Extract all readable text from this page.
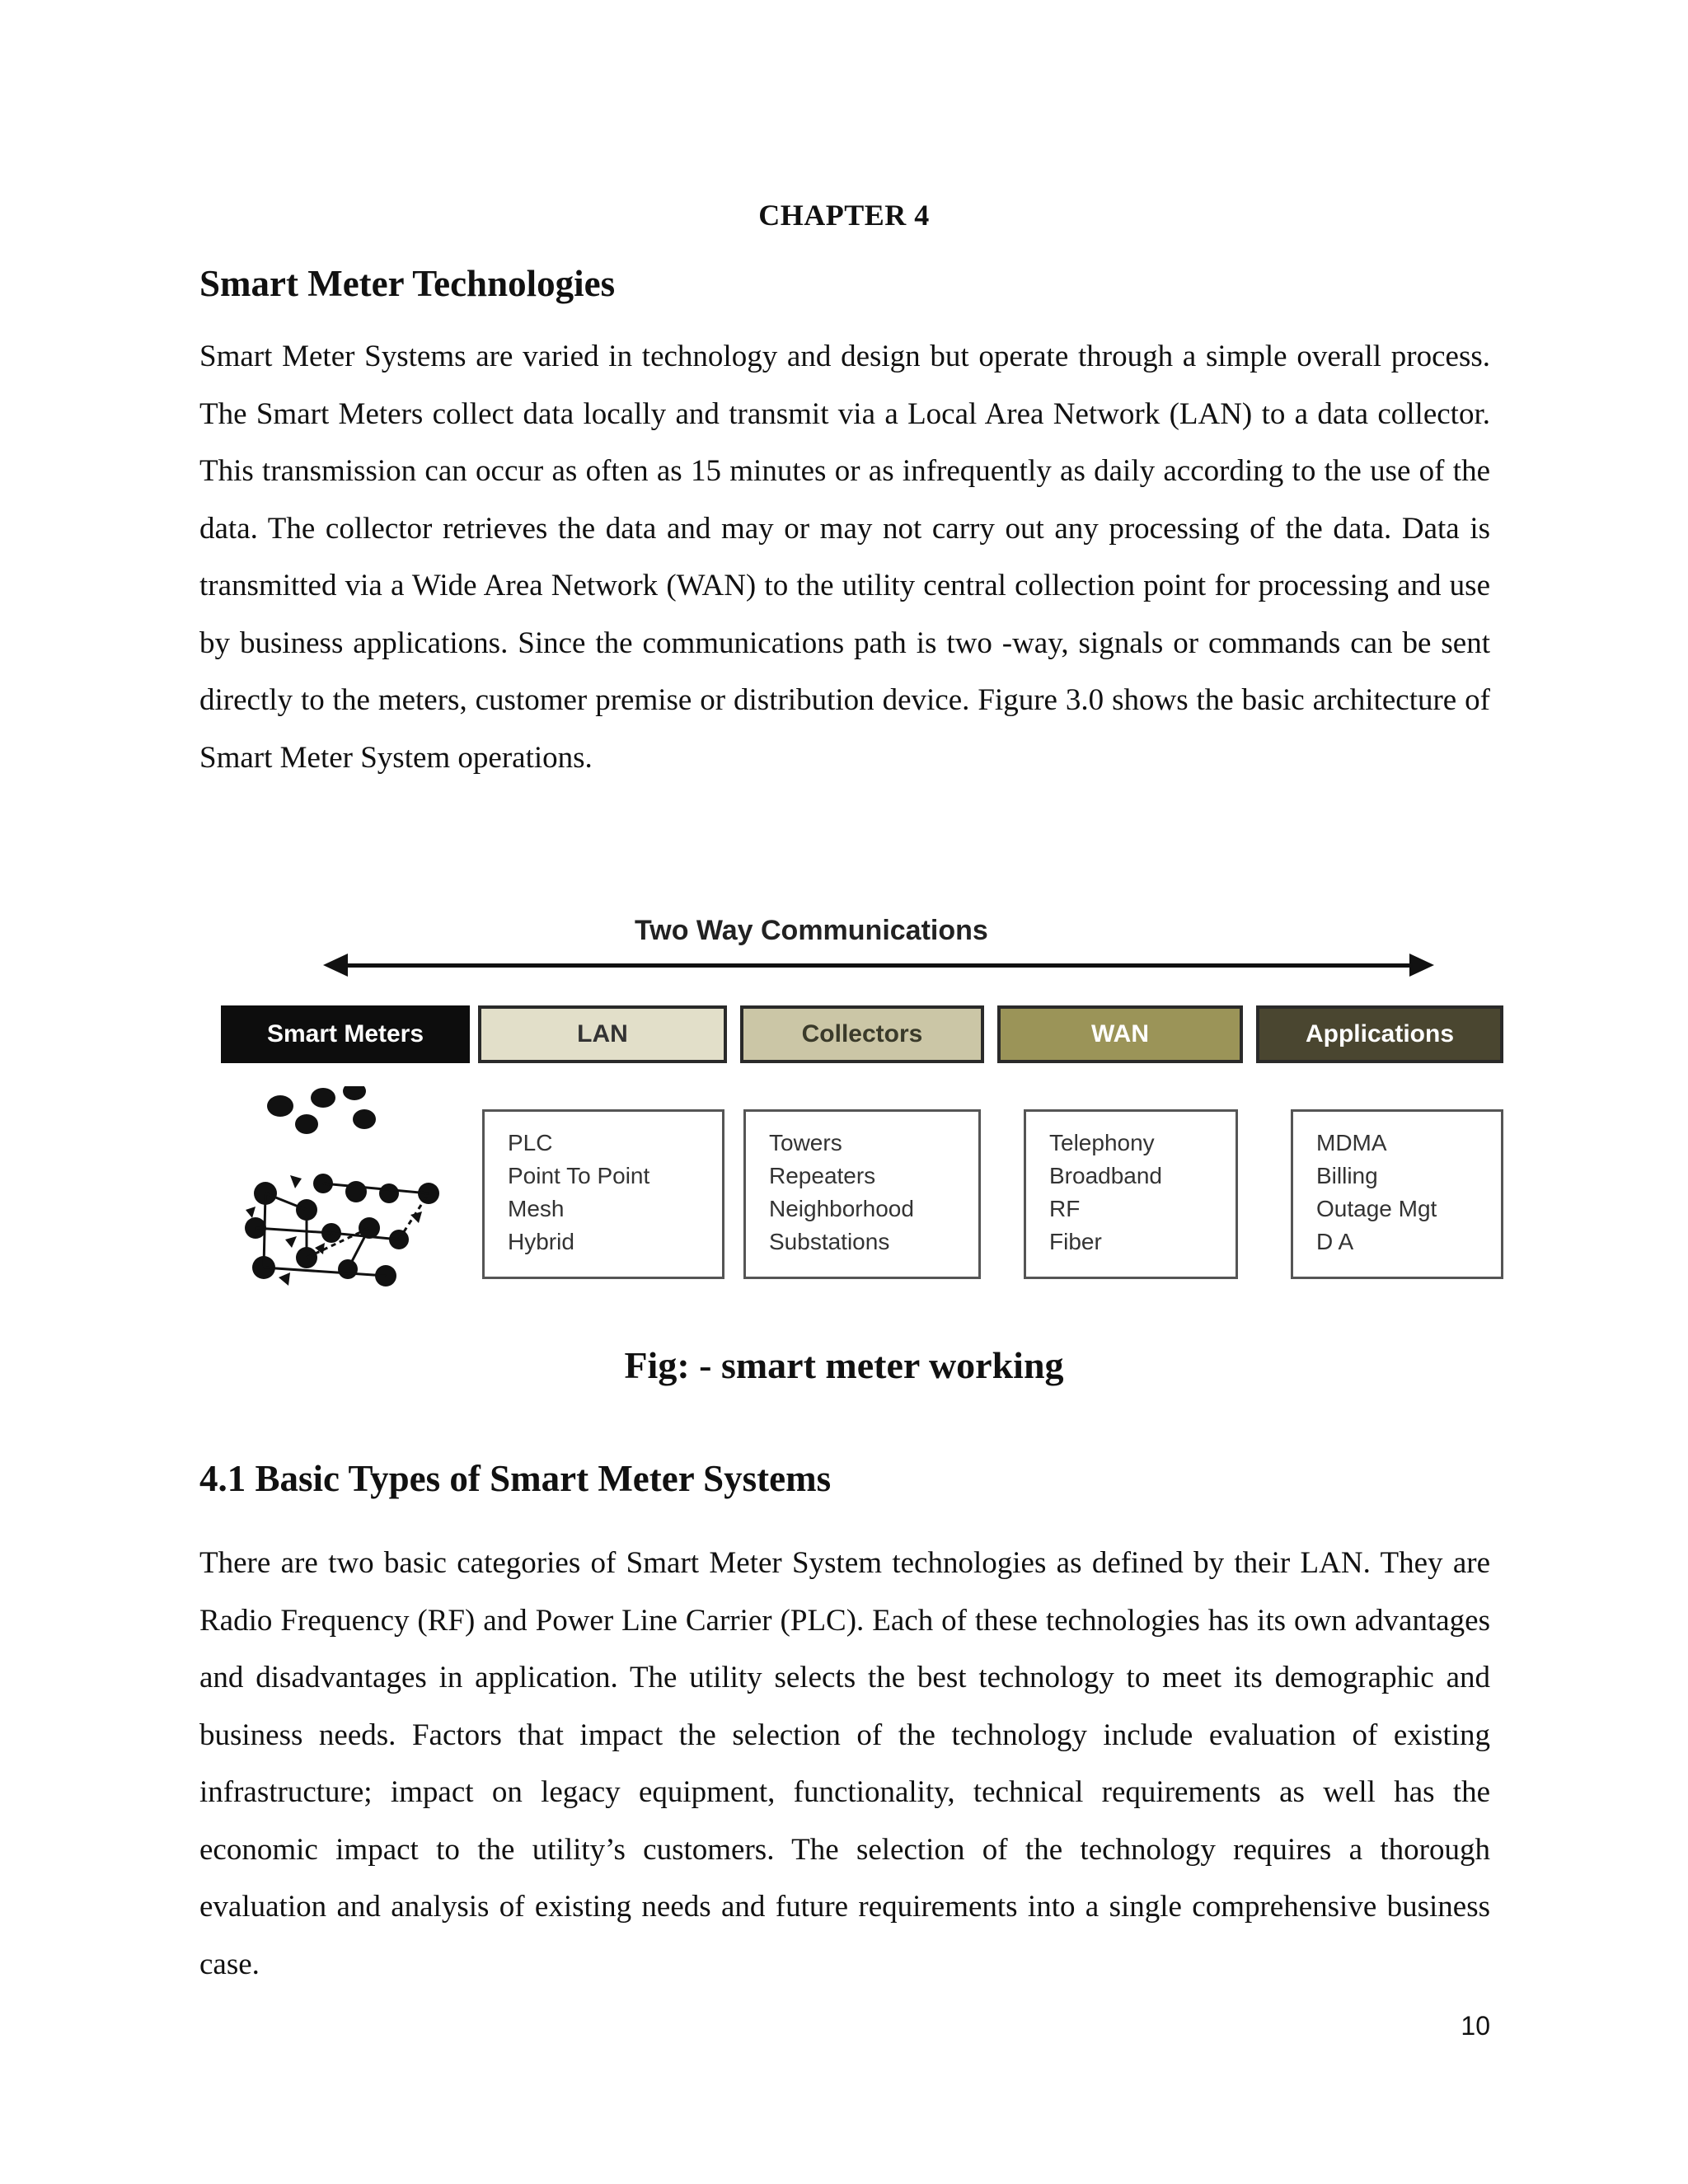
CHAPTER 4
Smart Meter Technologies

Smart Meter Systems are varied in technology and design but operate through a simple overall process. The Smart Meters collect data locally and transmit via a Local Area Network (LAN) to a data collector. This transmission can occur as often as 15 minutes or as infrequently as daily according to the use of the data. The collector retrieves the data and may or may not carry out any processing of the data. Data is transmitted via a Wide Area Network (WAN) to the utility central collection point for processing and use by business applications. Since the communications path is two -way, signals or commands can be sent directly to the meters, customer premise or distribution device. Figure 3.0 shows the basic architecture of Smart Meter System operations.

Two Way Communications
Smart Meters	LAN	Collectors	WAN	Applications
PLC
Point To Point
Mesh
Hybrid
Towers
Repeaters
Neighborhood
Substations
Telephony
Broadband
RF
Fiber
MDMA
Billing
Outage Mgt
D A
Fig: - smart meter working
4.1 Basic Types of Smart Meter Systems

There are two basic categories of Smart Meter System technologies as defined by their LAN. They are Radio Frequency (RF) and Power Line Carrier (PLC). Each of these technologies has its own advantages and disadvantages in application. The utility selects the best technology to meet its demographic and business needs. Factors that impact the selection of the technology include evaluation of existing infrastructure; impact on legacy equipment, functionality, technical requirements as well has the economic impact to the utility’s customers. The selection of the technology requires a thorough evaluation and analysis of existing needs and future requirements into a single comprehensive business case.

10
